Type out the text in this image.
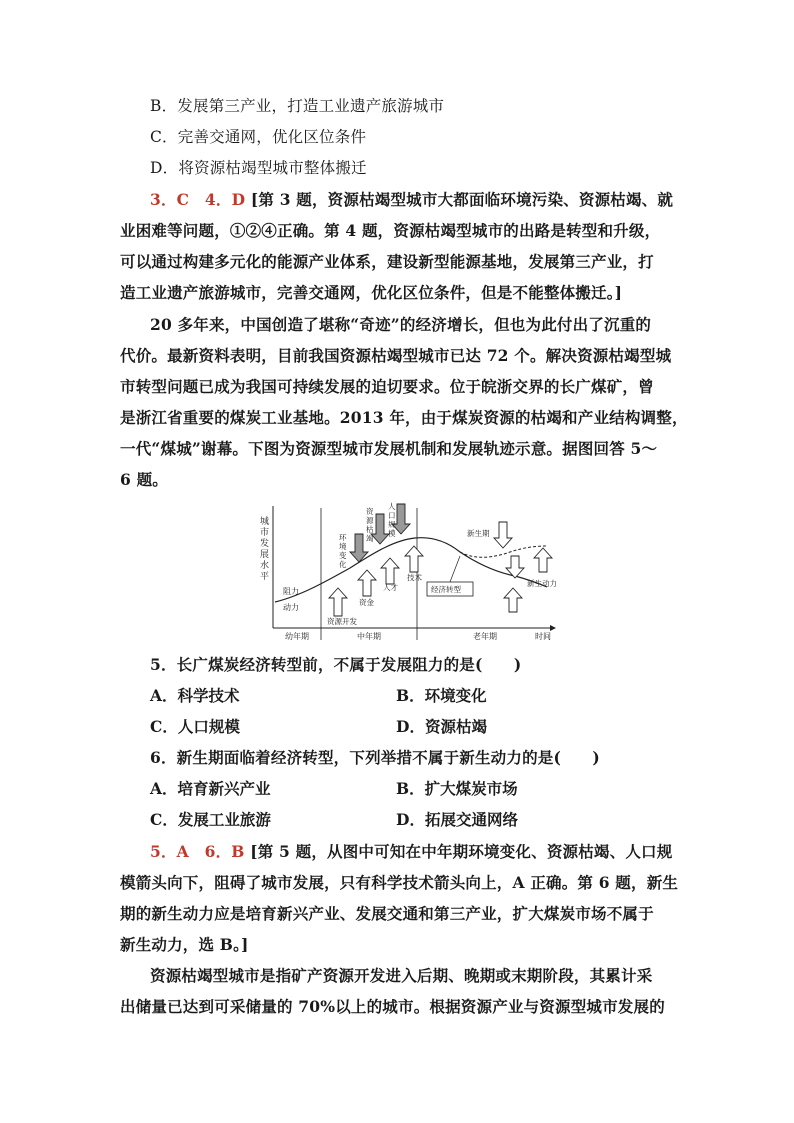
B．发展第三产业，打造工业遗产旅游城市
C．完善交通网，优化区位条件
D．将资源枯竭型城市整体搬迁
3．C　4．D [第 3 题，资源枯竭型城市大都面临环境污染、资源枯竭、就
业困难等问题，①②④正确。第 4 题，资源枯竭型城市的出路是转型和升级，
可以通过构建多元化的能源产业体系，建设新型能源基地，发展第三产业，打
造工业遗产旅游城市，完善交通网，优化区位条件，但是不能整体搬迁。]
20 多年来，中国创造了堪称“奇迹”的经济增长，但也为此付出了沉重的
代价。最新资料表明，目前我国资源枯竭型城市已达 72 个。解决资源枯竭型城
市转型问题已成为我国可持续发展的迫切要求。位于皖浙交界的长广煤矿，曾
是浙江省重要的煤炭工业基地。2013 年，由于煤炭资源的枯竭和产业结构调整，
一代“煤城”谢幕。下图为资源型城市发展机制和发展轨迹示意。据图回答 5～
6 题。
城
市
发
展
水
平
阻力
动力
资源开发
资金
人才
技术
环
境
变
化
资
源
枯
竭
人
口
规
模
经济转型
新生期
新生动力
幼年期	中年期	老年期	时间
5．长广煤炭经济转型前，不属于发展阻力的是(　　)
A．科学技术	B．环境变化
C．人口规模	D．资源枯竭
6．新生期面临着经济转型，下列举措不属于新生动力的是(　　)
A．培育新兴产业	B．扩大煤炭市场
C．发展工业旅游	D．拓展交通网络
5．A　6．B [第 5 题，从图中可知在中年期环境变化、资源枯竭、人口规
模箭头向下，阻碍了城市发展，只有科学技术箭头向上，A 正确。第 6 题，新生
期的新生动力应是培育新兴产业、发展交通和第三产业，扩大煤炭市场不属于
新生动力，选 B。]
资源枯竭型城市是指矿产资源开发进入后期、晚期或末期阶段，其累计采
出储量已达到可采储量的 70%以上的城市。根据资源产业与资源型城市发展的
